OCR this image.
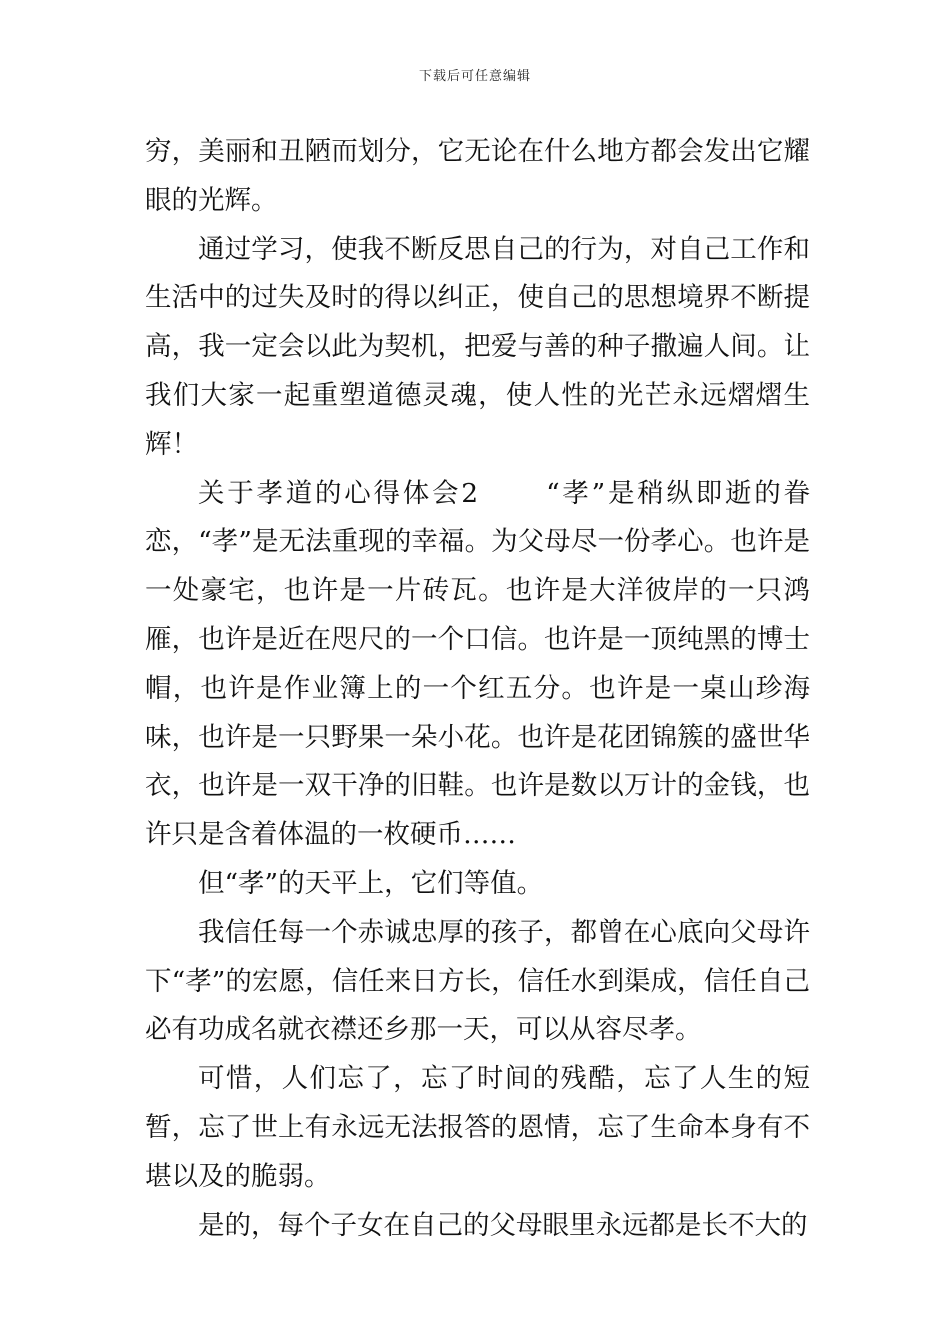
下载后可任意编辑

穷，美丽和丑陋而划分，它无论在什么地方都会发出它耀眼的光辉。

通过学习，使我不断反思自己的行为，对自己工作和生活中的过失及时的得以纠正，使自己的思想境界不断提高，我一定会以此为契机，把爱与善的种子撒遍人间。让我们大家一起重塑道德灵魂，使人性的光芒永远熠熠生辉！

关于孝道的心得体会2	“孝”是稍纵即逝的眷恋，“孝”是无法重现的幸福。为父母尽一份孝心。也许是一处豪宅，也许是一片砖瓦。也许是大洋彼岸的一只鸿雁，也许是近在咫尺的一个口信。也许是一顶纯黑的博士帽，也许是作业簿上的一个红五分。也许是一桌山珍海味，也许是一只野果一朵小花。也许是花团锦簇的盛世华衣，也许是一双干净的旧鞋。也许是数以万计的金钱，也许只是含着体温的一枚硬币……

但“孝”的天平上，它们等值。

我信任每一个赤诚忠厚的孩子，都曾在心底向父母许下“孝”的宏愿，信任来日方长，信任水到渠成，信任自己必有功成名就衣襟还乡那一天，可以从容尽孝。

可惜，人们忘了，忘了时间的残酷，忘了人生的短暂，忘了世上有永远无法报答的恩情，忘了生命本身有不堪以及的脆弱。

是的，每个子女在自己的父母眼里永远都是长不大的
